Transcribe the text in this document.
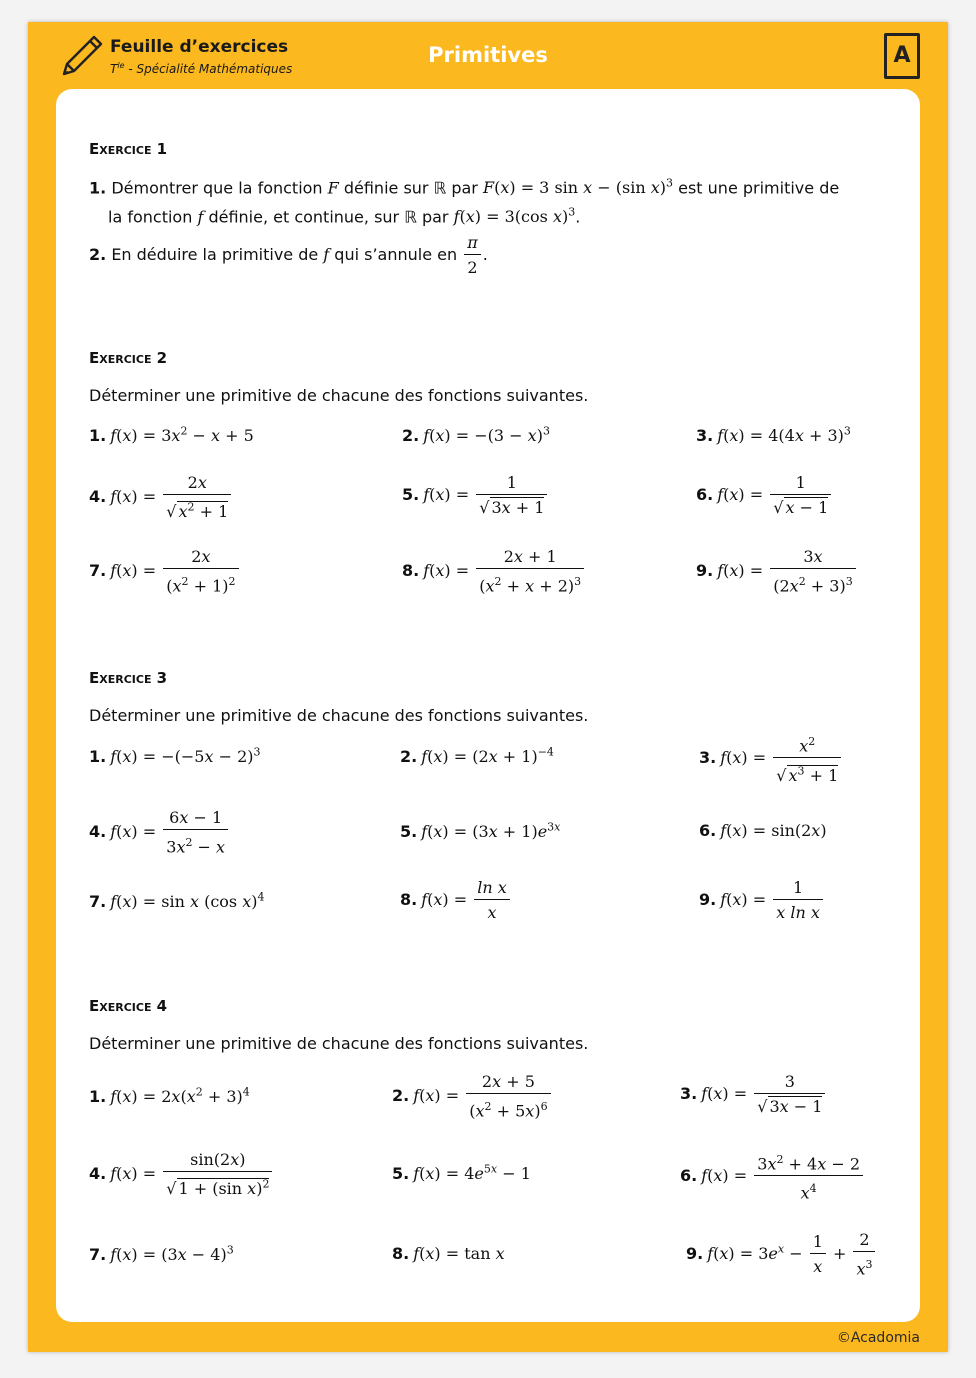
Feuille d’exercices
$T^{le}$ - Spécialité Mathématiques
Primitives	A
Exercice 1
1. Démontrer que la fonction F définie sur ℝ par F(x) = 3 sin x − (sin x)$^3$ est une primitive de
la fonction f définie, et continue, sur ℝ par f(x) = 3(cos x)$^3$.
2. En déduire la primitive de f qui s’annule en $\frac{\pi}{2}$ .
Exercice 2
Déterminer une primitive de chacune des fonctions suivantes.
1. $f(x) = 3x^2 - x + 5$	2. $f(x) = -(3 - x)^3$	3. $f(x) = 4(4x + 3)^3$
4. $f(x) = \frac{2x}{√ x^2 + 1}$	5. $f(x) = \frac{1}{√ 3x + 1}$	6. $f(x) = \frac{1}{√ x - 1}$
7. $f(x) = \frac{2x}{(x^2 + 1)^2}$	8. $f(x) = \frac{2x + 1}{(x^2 + x + 2)^3}$	9. $f(x) = \frac{3x}{(2x^2 + 3)^3}$
Exercice 3
Déterminer une primitive de chacune des fonctions suivantes.
1. $f(x) = -(-5x - 2)^3$	2. $f(x) = (2x + 1)^{-4}$	3. $f(x) = \frac{x^2}{√ x^3 + 1}$
4. $f(x) = \frac{6x - 1}{3x^2 - x}$	5. $f(x) = (3x + 1)e^{3x}$	6. f(x) = sin(2x)
7. f(x) = sin x (cos x)$^4$	8. $f(x) = \frac{\text{ln x}}{x}$	9. $f(x) = \frac{1}{\text{x ln x}}$
Exercice 4
Déterminer une primitive de chacune des fonctions suivantes.
1. $f(x) = 2x(x^2 + 3)^4$	2. $f(x) = \frac{2x + 5}{(x^2 + 5x)^6}$	3. $f(x) = \frac{3}{√ 3x - 1}$
4. $f(x) = \frac{\sin(2x)}{√ 1 + (\sin x)^2}$	5. $f(x) = 4e^{5x} - 1$	6. $f(x) = \frac{3x^2 + 4x - 2}{x^4}$
7. $f(x) = (3x - 4)^3$	8. f(x) = tan x	9. $f(x) = 3e^x - \frac{1}{x} + \frac{2}{x^3}$
©Acadomia
